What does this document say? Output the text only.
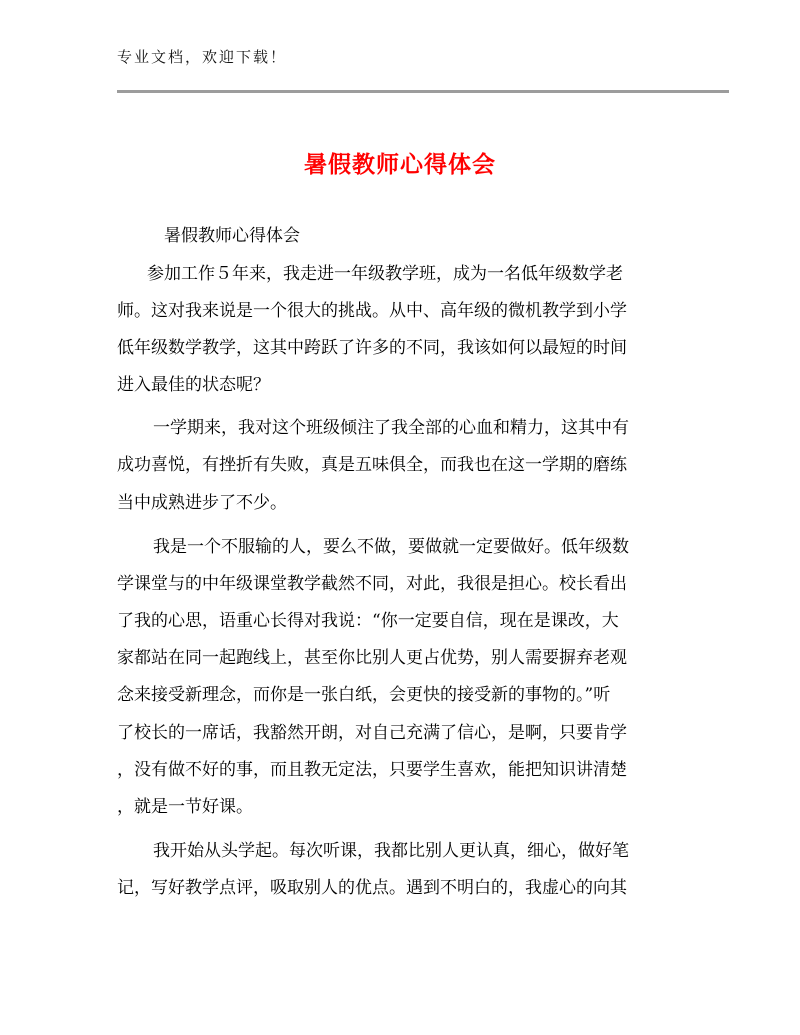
专业文档，欢迎下载！
暑假教师心得体会
暑假教师心得体会
参加工作５年来，我走进一年级教学班，成为一名低年级数学老
师。这对我来说是一个很大的挑战。从中、高年级的微机教学到小学
低年级数学教学，这其中跨跃了许多的不同，我该如何以最短的时间
进入最佳的状态呢？
一学期来，我对这个班级倾注了我全部的心血和精力，这其中有
成功喜悦，有挫折有失败，真是五味俱全，而我也在这一学期的磨练
当中成熟进步了不少。
我是一个不服输的人，要么不做，要做就一定要做好。低年级数
学课堂与的中年级课堂教学截然不同，对此，我很是担心。校长看出
了我的心思，语重心长得对我说：“你一定要自信，现在是课改，大
家都站在同一起跑线上，甚至你比别人更占优势，别人需要摒弃老观
念来接受新理念，而你是一张白纸，会更快的接受新的事物的。”听
了校长的一席话，我豁然开朗，对自己充满了信心，是啊，只要肯学
，没有做不好的事，而且教无定法，只要学生喜欢，能把知识讲清楚
，就是一节好课。
我开始从头学起。每次听课，我都比别人更认真，细心，做好笔
记，写好教学点评，吸取别人的优点。遇到不明白的，我虚心的向其
